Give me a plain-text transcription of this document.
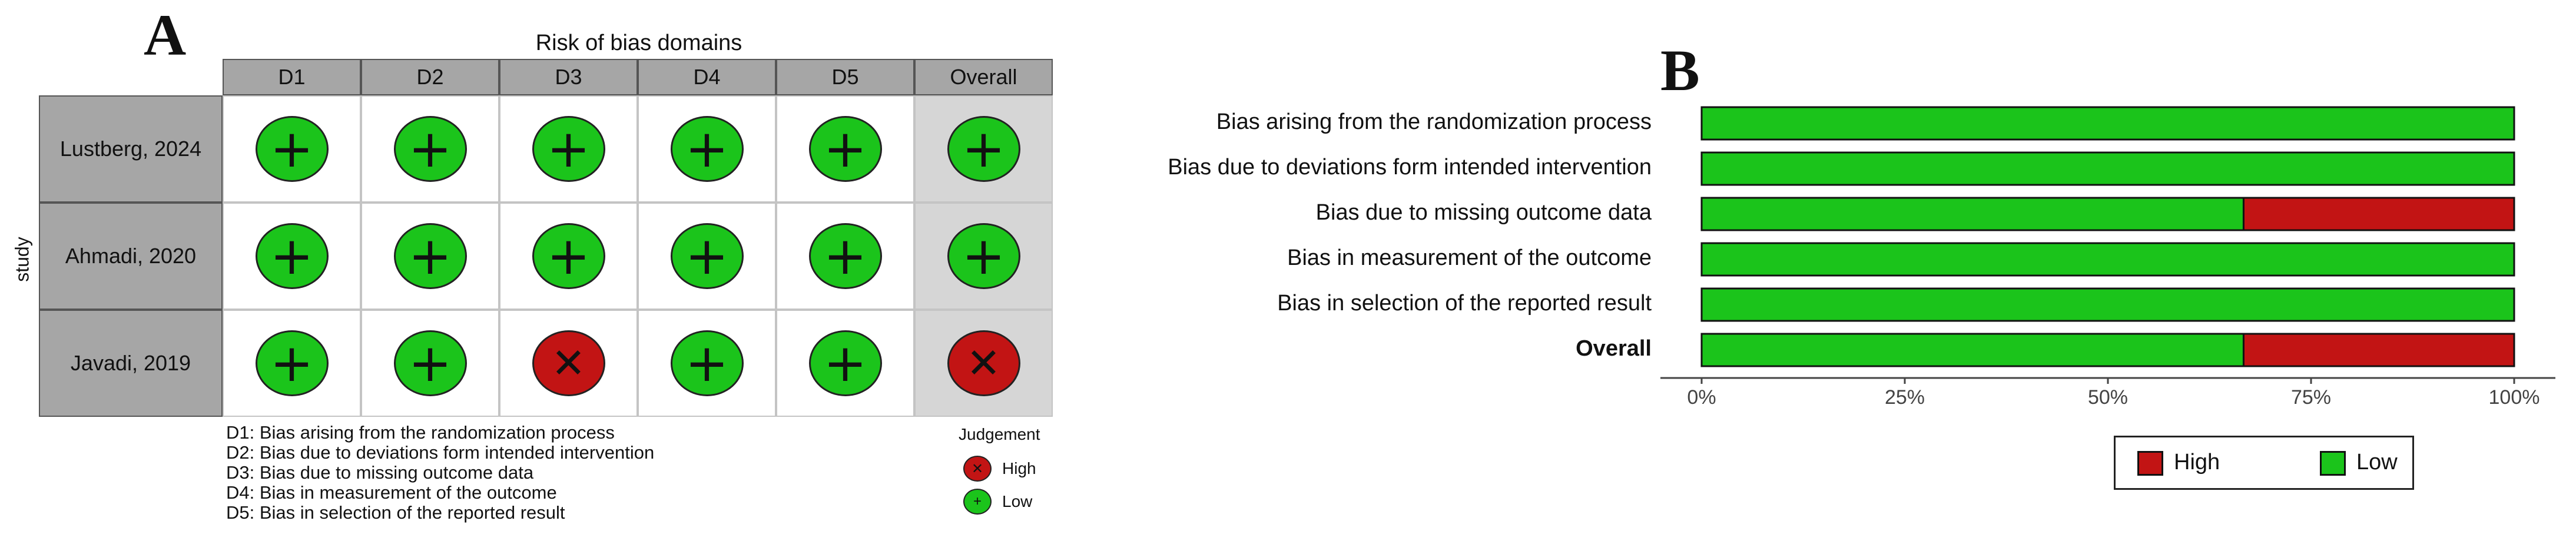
A	Risk of bias domains
D1	D2	D3	D4	D5	Overall
Lustberg, 2024	+ + + + + +
Ahmadi, 2020	+ + + + + +
Javadi, 2019	+ +	✕	+ +	✕
study
D1: Bias arising from the randomization process
D2: Bias due to deviations form intended intervention
D3: Bias due to missing outcome data
D4: Bias in measurement of the outcome
D5: Bias in selection of the reported result
Judgement
✕	High
+	Low
B
Bias arising from the randomization process
Bias due to deviations form intended intervention
Bias due to missing outcome data
Bias in measurement of the outcome
Bias in selection of the reported result
Overall
0%	25%	50%	75%	100%
High	Low
